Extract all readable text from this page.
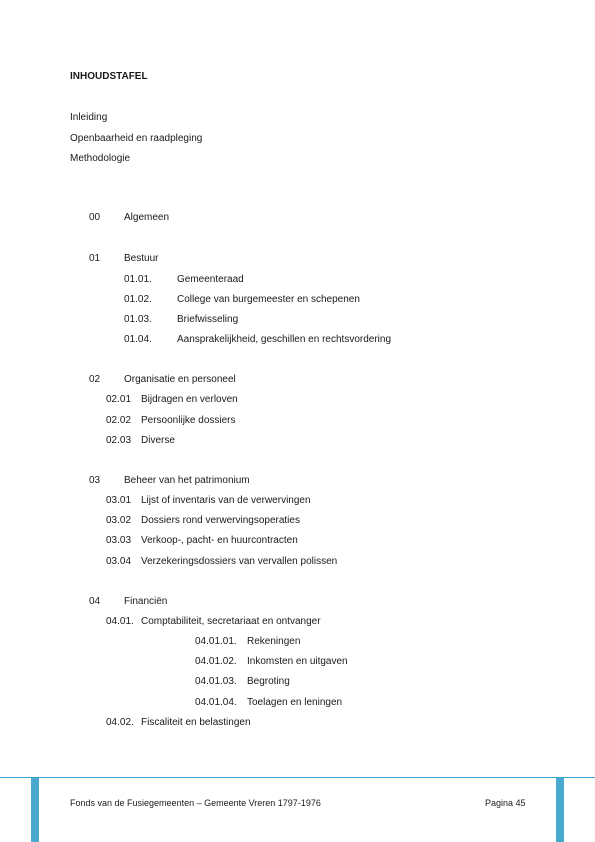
INHOUDSTAFEL
Inleiding
Openbaarheid en raadpleging
Methodologie
00 Algemeen
01 Bestuur
01.01.	Gemeenteraad
01.02.	College van burgemeester en schepenen
01.03.	Briefwisseling
01.04.	Aansprakelijkheid, geschillen en rechtsvordering
02 Organisatie en personeel
02.01 Bijdragen en verloven
02.02 Persoonlijke dossiers
02.03 Diverse
03 Beheer van het patrimonium
03.01 Lijst of inventaris van de verwervingen
03.02 Dossiers rond verwervingsoperaties
03.03 Verkoop-, pacht- en huurcontracten
03.04 Verzekeringsdossiers van vervallen polissen
04 Financiën
04.01. Comptabiliteit, secretariaat en ontvanger
04.01.01. Rekeningen
04.01.02. Inkomsten en uitgaven
04.01.03. Begroting
04.01.04. Toelagen en leningen
04.02. Fiscaliteit en belastingen
Fonds van de Fusiegemeenten – Gemeente Vreren 1797-1976	Pagina 45
